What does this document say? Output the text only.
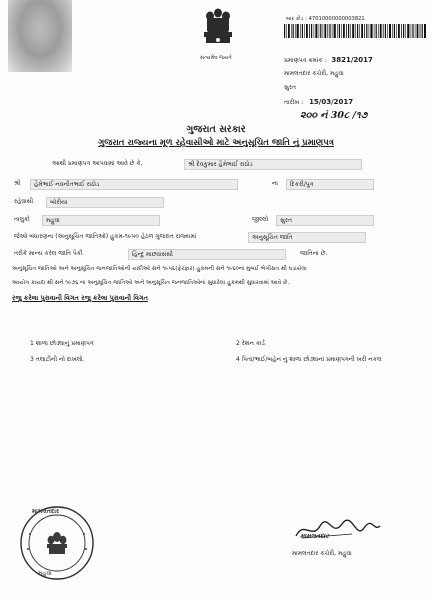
સત્યમેવ જયતે
બાર કોડ : 47010000000003821
પ્રમાણપત્ર ક્રમાંક : 3821/2017
મામલતદાર કચેરી, મહુવા
સુરત
તારીખ : 15/03/2017
૨૦૦ નં 30૮ /૧૭
ગુજરાત સરકાર
ગુજરાત રાજ્યના મૂળ રહેવાસીઓ માટે અનુસૂચિત જાતિ નું પ્રમાણપત્ર
આથી પ્રમાણપત્ર આપવામાં આવે છે કે,	શ્રી દેવકુમાર હૈમેભાઈ રાઠોડ
શ્રી	હૈમેભાઈ નવનીતભાઈ રાઠોડ	ના	દિકરી/પુત્ર
રહેવાસી	બોરીયા
તાલુકો	મહુવા	જીલ્લો	સુરત
જેઓ બંધારણના (અનુસૂચિત જાતિઓ) હુકમ-૧૯૫૦ હેઠળ ગુજરાત રાજ્યમાં	અનુસૂચિત જાતિ
તરીકે માન્ય કરેલ જાતિ પૈકી	હિન્દુ માછવાસંસી	જાતિના છે.
અનુસૂચિત જાતિઓ અને અનુસૂચિત જનજાતિઓની યાદીઓ સને ૧૯૫૬(ફેરફાર) હુકમની સને ૧૯૬૦ના મુંબઈ ભેગીસત થી ઘડાયેલા
આયોગ કાયદા થી સને ૧૯૭૬ ના અનુસૂચિત જાતિઓ અને અનુસૂચિત જનજાતિઓનાં સુધારેલા હુકમથી સુધારવામાં આવે છે.
રજુ કરેલા પુરાવાની વિગત રજુ કરેલા પુરાવાની વિગત
1 શાળા છોડ્યાનું પ્રમાણપત્ર	2 રેશન કાર્ડ
3 તલાટીની નો દાખલો.	4 પિતા/ભાઈ/બહેન નું શાળા છોડ્યાનાં પ્રમાણપત્રની ખરી નકલ
મામલતદાર
મહુવા
મામલતદાર
મામલતદાર કચેરી, મહુવા
